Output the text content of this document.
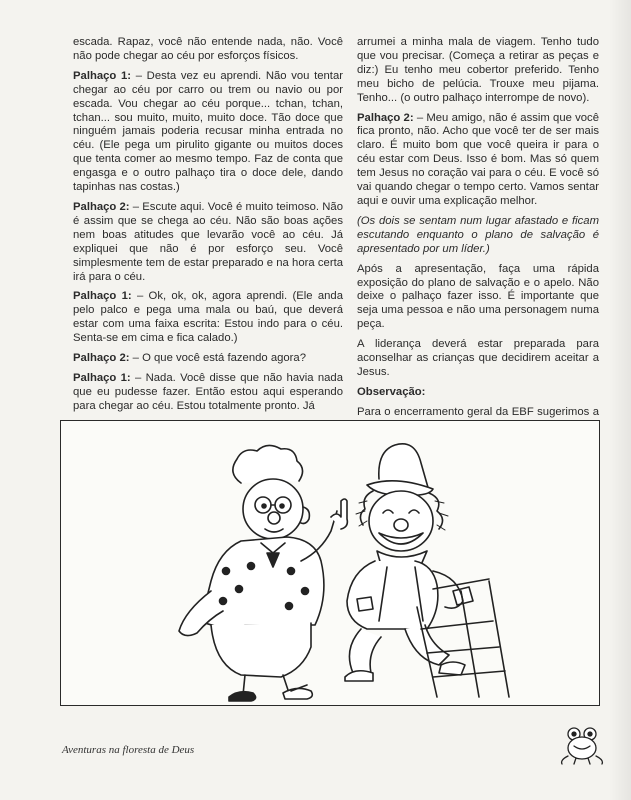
escada. Rapaz, você não entende nada, não. Você não pode chegar ao céu por esforços físicos.

Palhaço 1: – Desta vez eu aprendi. Não vou tentar chegar ao céu por carro ou trem ou navio ou por escada. Vou chegar ao céu porque... tchan, tchan, tchan... sou muito, muito, muito doce. Tão doce que ninguém jamais poderia recusar minha entrada no céu. (Ele pega um pirulito gigante ou muitos doces que tenta comer ao mesmo tempo. Faz de conta que engasga e o outro palhaço tira o doce dele, dando tapinhas nas costas.)

Palhaço 2: – Escute aqui. Você é muito teimoso. Não é assim que se chega ao céu. Não são boas ações nem boas atitudes que levarão você ao céu. Já expliquei que não é por esforço seu. Você simplesmente tem de estar preparado e na hora certa irá para o céu.

Palhaço 1: – Ok, ok, ok, agora aprendi. (Ele anda pelo palco e pega uma mala ou baú, que deverá estar com uma faixa escrita: Estou indo para o céu. Senta-se em cima e fica calado.)

Palhaço 2: – O que você está fazendo agora?

Palhaço 1: – Nada. Você disse que não havia nada que eu pudesse fazer. Então estou aqui esperando para chegar ao céu. Estou totalmente pronto. Já

arrumei a minha mala de viagem. Tenho tudo que vou precisar. (Começa a retirar as peças e diz:) Eu tenho meu cobertor preferido. Tenho meu bicho de pelúcia. Trouxe meu pijama. Tenho... (o outro palhaço interrompe de novo).

Palhaço 2: – Meu amigo, não é assim que você fica pronto, não. Acho que você ter de ser mais claro. É muito bom que você queira ir para o céu estar com Deus. Isso é bom. Mas só quem tem Jesus no coração vai para o céu. E você só vai quando chegar o tempo certo. Vamos sentar aqui e ouvir uma explicação melhor.

(Os dois se sentam num lugar afastado e ficam escutando enquanto o plano de salvação é apresentado por um líder.)

Após a apresentação, faça uma rápida exposição do plano de salvação e o apelo. Não deixe o palhaço fazer isso. É importante que seja uma pessoa e não uma personagem numa peça.

A liderança deverá estar preparada para aconselhar as crianças que decidirem aceitar a Jesus.

Observação:

Para o encerramento geral da EBF sugerimos a

Aventuras na floresta de Deus
